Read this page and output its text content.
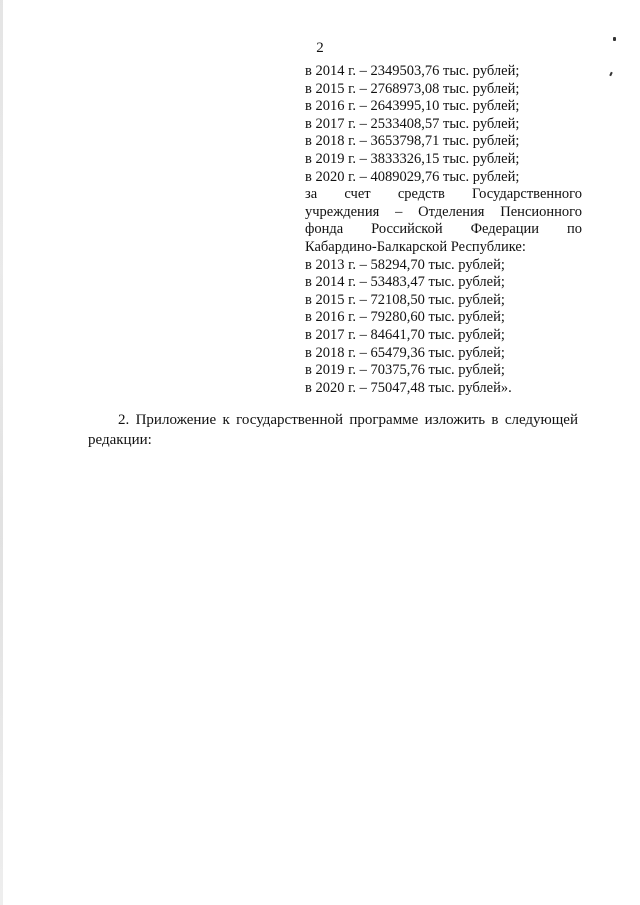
2
в 2014 г. – 2349503,76 тыс. рублей;
в 2015 г. – 2768973,08 тыс. рублей;
в 2016 г. – 2643995,10 тыс. рублей;
в 2017 г. – 2533408,57 тыс. рублей;
в 2018 г. – 3653798,71 тыс. рублей;
в 2019 г. – 3833326,15 тыс. рублей;
в 2020 г. – 4089029,76 тыс. рублей;
за счет средств Государственного
учреждения – Отделения Пенсионного
фонда Российской Федерации по
Кабардино-Балкарской Республике:
в 2013 г. – 58294,70 тыс. рублей;
в 2014 г. – 53483,47 тыс. рублей;
в 2015 г. – 72108,50 тыс. рублей;
в 2016 г. – 79280,60 тыс. рублей;
в 2017 г. – 84641,70 тыс. рублей;
в 2018 г. – 65479,36 тыс. рублей;
в 2019 г. – 70375,76 тыс. рублей;
в 2020 г. – 75047,48 тыс. рублей».
2. Приложение к государственной программе изложить в следующей
редакции:
